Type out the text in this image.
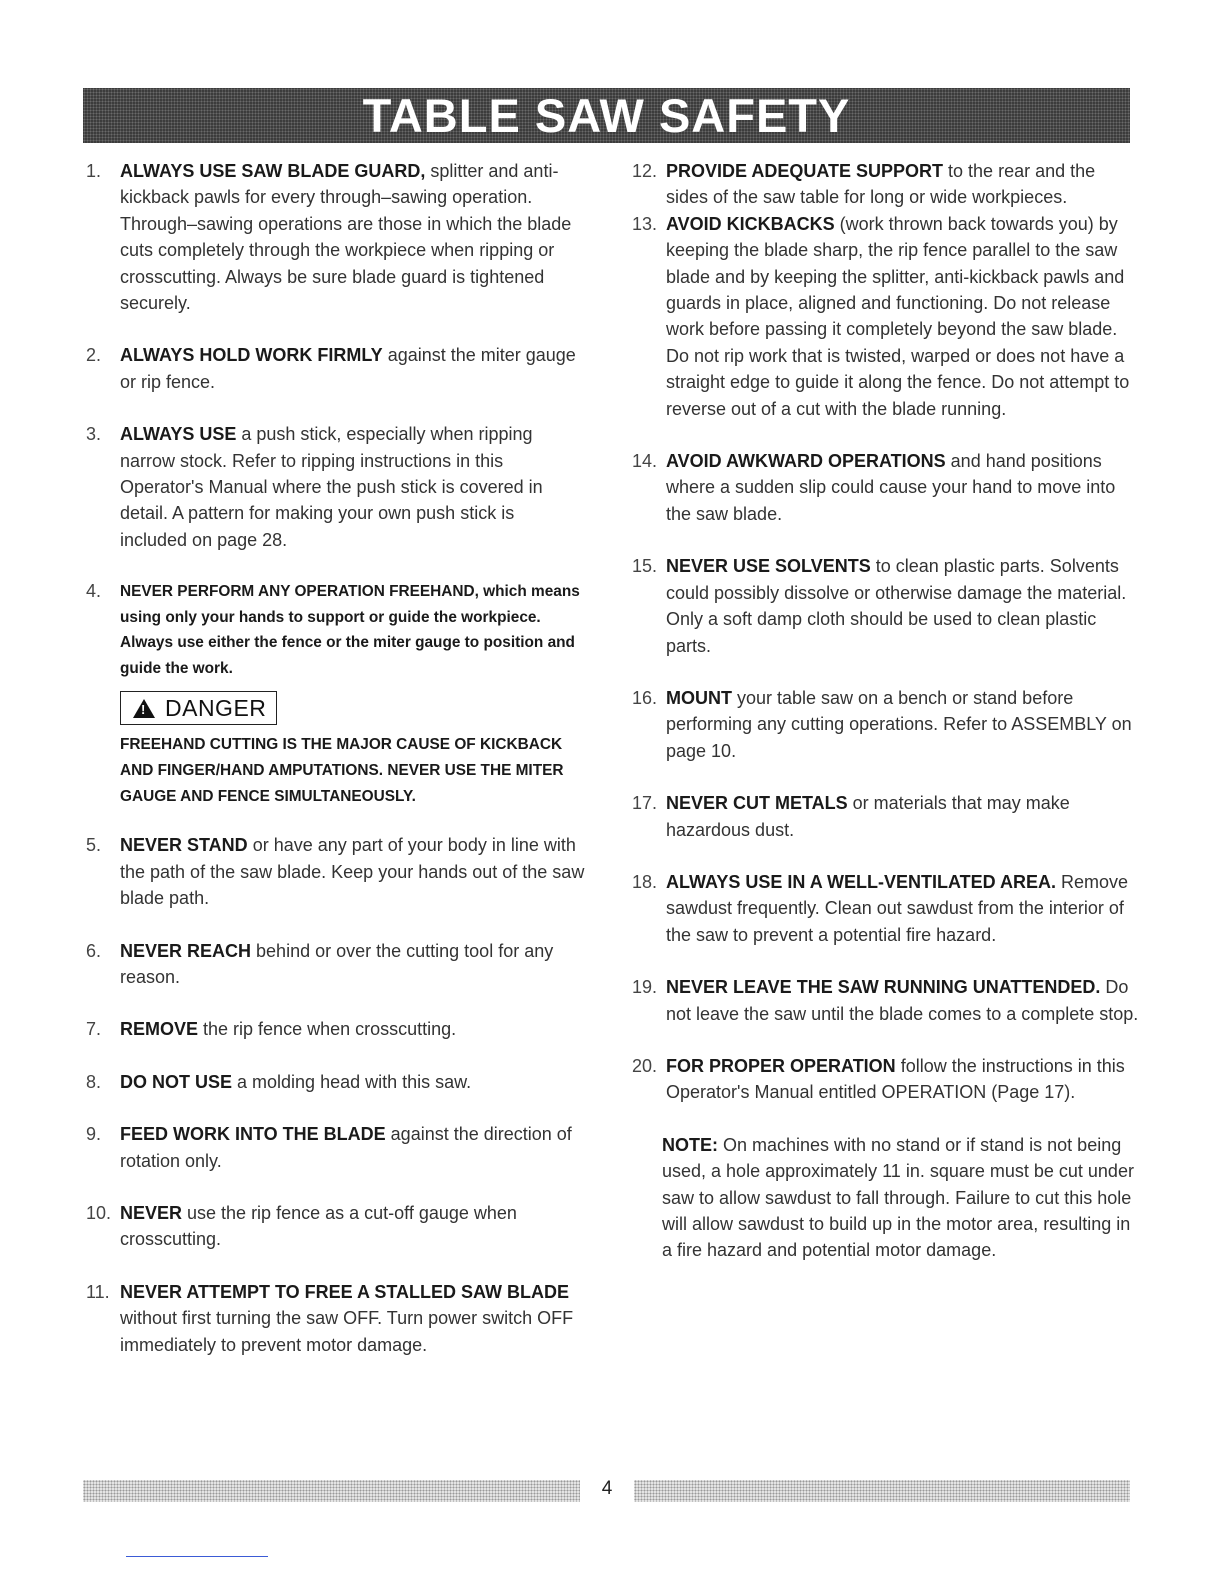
TABLE SAW SAFETY
1. ALWAYS USE SAW BLADE GUARD, splitter and anti-kickback pawls for every through–sawing operation. Through–sawing operations are those in which the blade cuts completely through the workpiece when ripping or crosscutting. Always be sure blade guard is tightened securely.

2. ALWAYS HOLD WORK FIRMLY against the miter gauge or rip fence.

3. ALWAYS USE a push stick, especially when ripping narrow stock. Refer to ripping instructions in this Operator's Manual where the push stick is covered in detail. A pattern for making your own push stick is included on page 28.

4. NEVER PERFORM ANY OPERATION FREEHAND, which means using only your hands to support or guide the workpiece. Always use either the fence or the miter gauge to position and guide the work.

!
DANGER
FREEHAND CUTTING IS THE MAJOR CAUSE OF KICKBACK AND FINGER/HAND AMPUTATIONS. NEVER USE THE MITER GAUGE AND FENCE SIMULTANEOUSLY.
5. NEVER STAND or have any part of your body in line with the path of the saw blade. Keep your hands out of the saw blade path.

6. NEVER REACH behind or over the cutting tool for any reason.

7. REMOVE the rip fence when crosscutting.

8. DO NOT USE a molding head with this saw.

9. FEED WORK INTO THE BLADE against the direction of rotation only.

10. NEVER use the rip fence as a cut-off gauge when crosscutting.

11. NEVER ATTEMPT TO FREE A STALLED SAW BLADE without first turning the saw OFF. Turn power switch OFF immediately to prevent motor damage.

12. PROVIDE ADEQUATE SUPPORT to the rear and the sides of the saw table for long or wide workpieces.

13. AVOID KICKBACKS (work thrown back towards you) by keeping the blade sharp, the rip fence parallel to the saw blade and by keeping the splitter, anti-kickback pawls and guards in place, aligned and functioning. Do not release work before passing it completely beyond the saw blade. Do not rip work that is twisted, warped or does not have a straight edge to guide it along the fence. Do not attempt to reverse out of a cut with the blade running.

14. AVOID AWKWARD OPERATIONS and hand positions where a sudden slip could cause your hand to move into the saw blade.

15. NEVER USE SOLVENTS to clean plastic parts. Solvents could possibly dissolve or otherwise damage the material. Only a soft damp cloth should be used to clean plastic parts.

16. MOUNT your table saw on a bench or stand before performing any cutting operations. Refer to ASSEMBLY on page 10.

17. NEVER CUT METALS or materials that may make hazardous dust.

18. ALWAYS USE IN A WELL-VENTILATED AREA. Remove sawdust frequently. Clean out sawdust from the interior of the saw to prevent a potential fire hazard.

19. NEVER LEAVE THE SAW RUNNING UNATTENDED. Do not leave the saw until the blade comes to a complete stop.

20. FOR PROPER OPERATION follow the instructions in this Operator's Manual entitled OPERATION (Page 17).

NOTE: On machines with no stand or if stand is not being used, a hole approximately 11 in. square must be cut under saw to allow sawdust to fall through. Failure to cut this hole will allow sawdust to build up in the motor area, resulting in a fire hazard and potential motor damage.

4
